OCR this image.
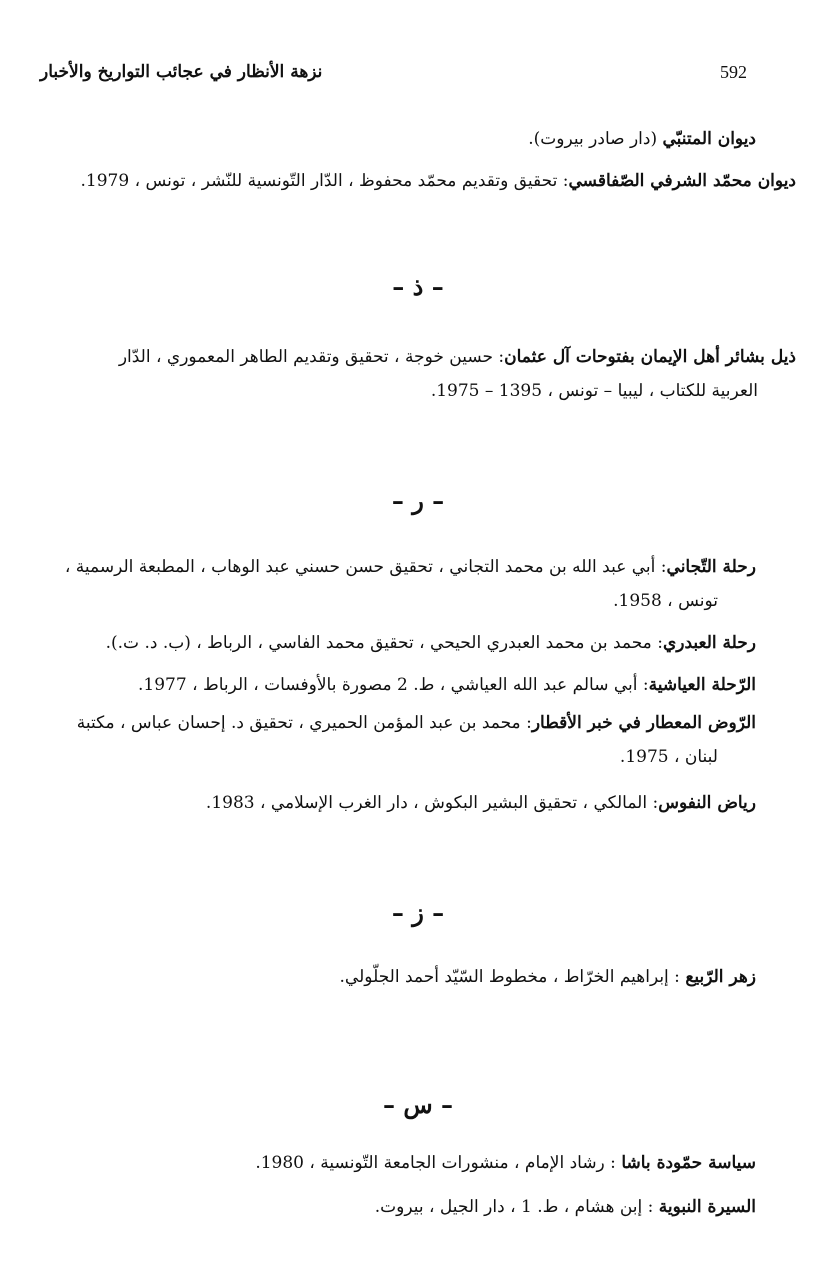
592
نزهة الأنظار في عجائب التواريخ والأخبار
ديوان المتنبّي (دار صادر بيروت).
ديوان محمّد الشرفي الصّفاقسي: تحقيق وتقديم محمّد محفوظ ، الدّار التّونسية للنّشر ، تونس ، 1979.
– ذ –
ذيل بشائر أهل الإيمان بفتوحات آل عثمان: حسين خوجة ، تحقيق وتقديم الطاهر المعموري ، الدّار
العربية للكتاب ، ليبيا – تونس ، 1395 – 1975.
– ر –
رحلة التّجاني: أبي عبد الله بن محمد التجاني ، تحقيق حسن حسني عبد الوهاب ، المطبعة الرسمية ،
تونس ، 1958.
رحلة العبدري: محمد بن محمد العبدري الحيحي ، تحقيق محمد الفاسي ، الرباط ، (ب. د. ت.).
الرّحلة العياشية: أبي سالم عبد الله العياشي ، ط. 2 مصورة بالأوفسات ، الرباط ، 1977.
الرّوض المعطار في خبر الأقطار: محمد بن عبد المؤمن الحميري ، تحقيق د. إحسان عباس ، مكتبة
لبنان ، 1975.
رياض النفوس: المالكي ، تحقيق البشير البكوش ، دار الغرب الإسلامي ، 1983.
– ز –
زهر الرّبيع : إبراهيم الخرّاط ، مخطوط السّيّد أحمد الجلّولي.
– س –
سياسة حمّودة باشا : رشاد الإمام ، منشورات الجامعة التّونسية ، 1980.
السيرة النبوية : إبن هشام ، ط. 1 ، دار الجيل ، بيروت.
